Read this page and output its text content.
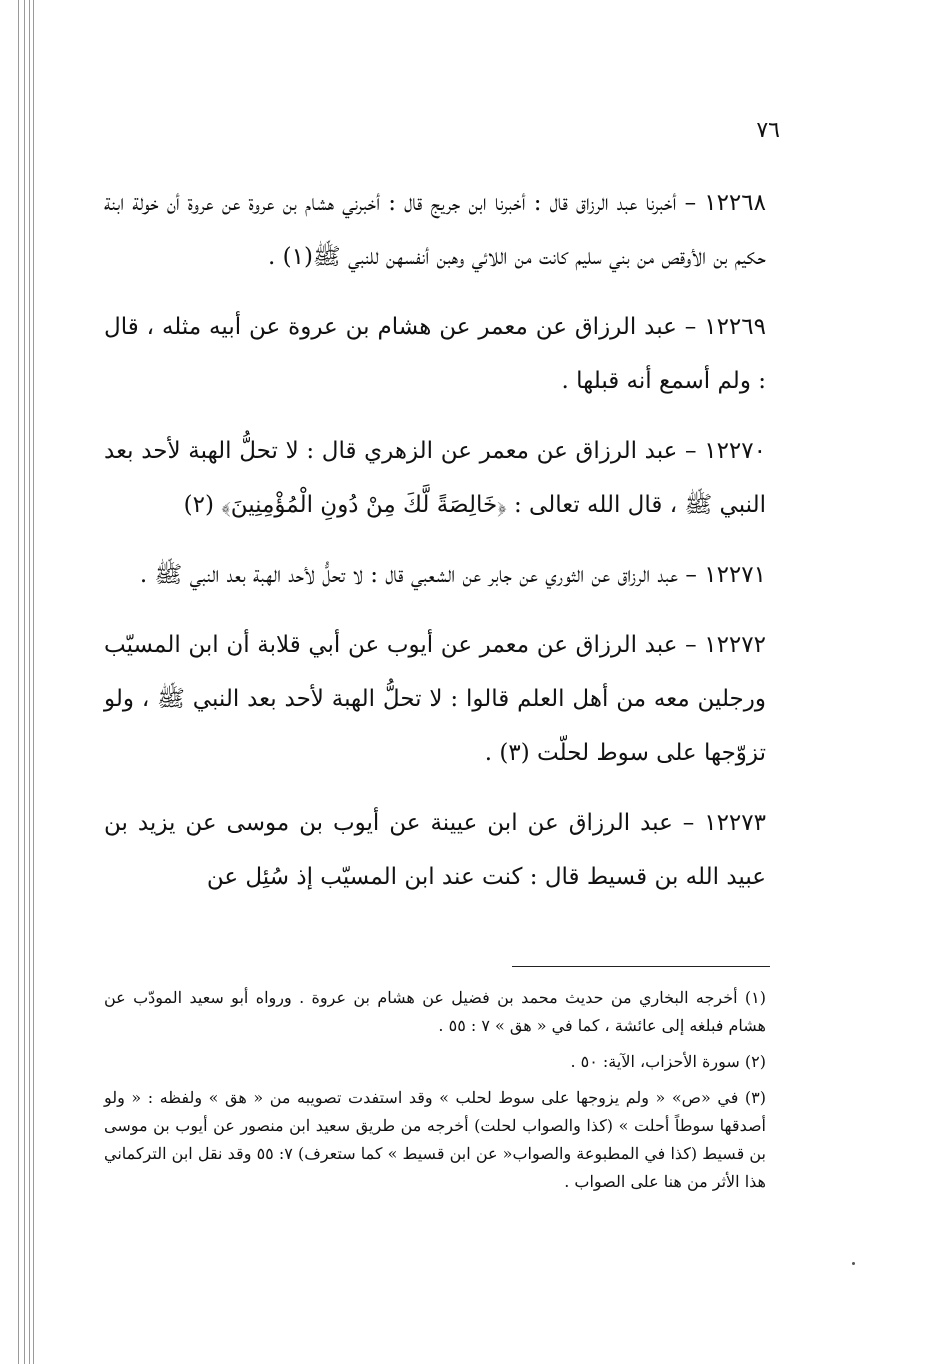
٧٦

١٢٢٦٨ – أخبرنا عبد الرزاق قال : أخبرنا ابن جريج قال : أخبرني هشام بن عروة عن عروة أن خولة ابنة حكيم بن الأوقص من بني سليم كانت من اللائي وهبن أنفسهن للنبي ﷺ(١) .

١٢٢٦٩ – عبد الرزاق عن معمر عن هشام بن عروة عن أبيه مثله ، قال : ولم أسمع أنه قبلها .

١٢٢٧٠ – عبد الرزاق عن معمر عن الزهري قال : لا تحلُّ الهبة لأحد بعد النبي ﷺ ، قال الله تعالى : ﴿خَالِصَةً لَّكَ مِنْ دُونِ الْمُؤْمِنِينَ﴾ (٢)

١٢٢٧١ – عبد الرزاق عن الثوري عن جابر عن الشعبي قال : لا تحلُّ لأحد الهبة بعد النبي ﷺ .

١٢٢٧٢ – عبد الرزاق عن معمر عن أيوب عن أبي قلابة أن ابن المسيّب ورجلين معه من أهل العلم قالوا : لا تحلُّ الهبة لأحد بعد النبي ﷺ ، ولو تزوّجها على سوط لحلّت (٣) .

١٢٢٧٣ – عبد الرزاق عن ابن عيينة عن أيوب بن موسى عن يزيد بن عبيد الله بن قسيط قال : كنت عند ابن المسيّب إذ سُئِل عن

(١) أخرجه البخاري من حديث محمد بن فضيل عن هشام بن عروة . ورواه أبو سعيد المودّب عن هشام فبلغه إلى عائشة ، كما في « هق » ٧ : ٥٥ .

(٢) سورة الأحزاب، الآية: ٥٠ .

(٣) في «ص» « ولم يزوجها على سوط لحلب » وقد استفدت تصويبه من « هق » ولفظه : « ولو أصدقها سوطاً أحلت » (كذا والصواب لحلت) أخرجه من طريق سعيد ابن منصور عن أيوب بن موسى بن قسيط (كذا في المطبوعة والصواب« عن ابن قسيط » كما ستعرف) ٧: ٥٥ وقد نقل ابن التركماني هذا الأثر من هنا على الصواب .
